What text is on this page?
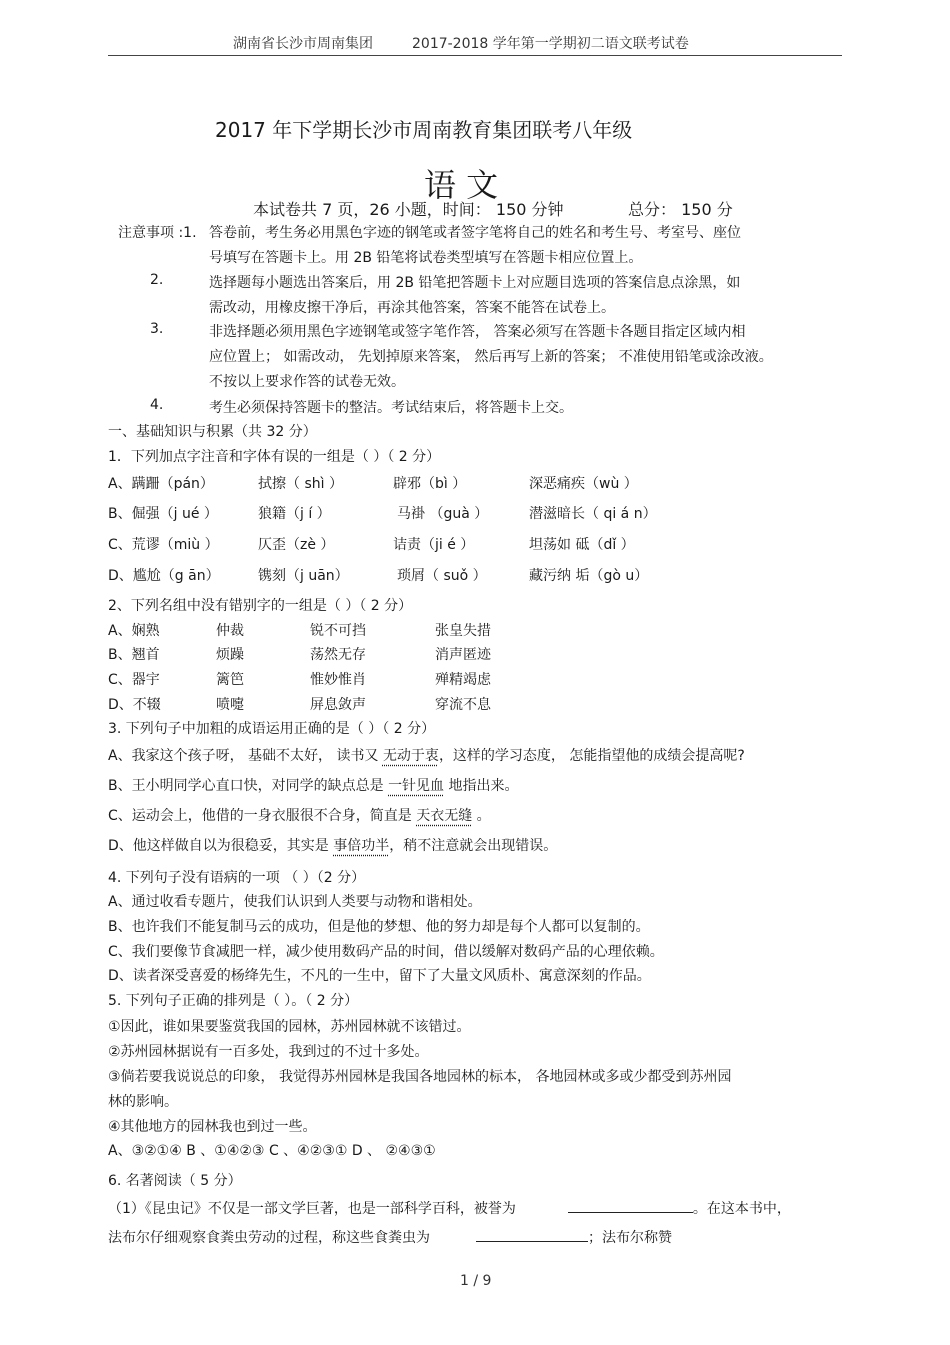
湖南省长沙市周南集团	2017-2018 学年第一学期初二语文联考试卷
2017 年下学期长沙市周南教育集团联考八年级
语 文
本试卷共 7 页，26 小题，时间： 150 分钟	总分： 150 分
注意事项 :1. 答卷前，考生务必用黑色字迹的钢笔或者签字笔将自己的姓名和考生号、考室号、座位
号填写在答题卡上。用 2B 铅笔将试卷类型填写在答题卡相应位置上。
2.	选择题每小题选出答案后，用 2B 铅笔把答题卡上对应题目选项的答案信息点涂黑，如
需改动，用橡皮擦干净后，再涂其他答案，答案不能答在试卷上。
3.	非选择题必须用黑色字迹钢笔或签字笔作答， 答案必须写在答题卡各题目指定区域内相
应位置上； 如需改动， 先划掉原来答案， 然后再写上新的答案； 不准使用铅笔或涂改液。
不按以上要求作答的试卷无效。
4.	考生必须保持答题卡的整洁。考试结束后，将答题卡上交。
一、基础知识与积累（共 32 分）
1．下列加点字注音和字体有误的一组是（ ）（ 2 分）
A、蹒跚（pán）	拭擦（ shì ）	辟邪（bì ）	深恶痛疾（wù ）
B、倔强（j ué ）	狼籍（j í ）	马褂 （guà ）	潜滋暗长（ qi á n）
C、荒谬（miù ）	仄歪（zè ）	诘责（ji é ）	坦荡如 砥（dǐ ）
D、尴尬（g ān）	镌刻（j uān）	琐屑（ suǒ ）	藏污纳 垢（gò u）
2、下列名组中没有错别字的一组是（ ）（ 2 分）
A、娴熟	仲裁	锐不可挡	张皇失措
B、翘首	烦躁	荡然无存	消声匿迹
C、器宇	篱笆	惟妙惟肖	殚精竭虑
D、不辍	喷嚏	屏息敛声	穿流不息
3. 下列句子中加粗的成语运用正确的是（ ）（ 2 分）
A、我家这个孩子呀， 基础不太好， 读书又 无动于衷，这样的学习态度， 怎能指望他的成绩会提高呢?
B、王小明同学心直口快，对同学的缺点总是 一针见血 地指出来。
C、运动会上，他借的一身衣服很不合身，简直是 天衣无缝 。
D、他这样做自以为很稳妥，其实是 事倍功半，稍不注意就会出现错误。
4. 下列句子没有语病的一项 （ ）（2 分）
A、通过收看专题片，使我们认识到人类要与动物和谐相处。
B、也许我们不能复制马云的成功，但是他的梦想、他的努力却是每个人都可以复制的。
C、我们要像节食减肥一样，减少使用数码产品的时间，借以缓解对数码产品的心理依赖。
D、读者深受喜爱的杨绛先生，不凡的一生中，留下了大量文风质朴、寓意深刻的作品。
5. 下列句子正确的排列是（ ）。（ 2 分）
①因此，谁如果要鉴赏我国的园林，苏州园林就不该错过。
②苏州园林据说有一百多处，我到过的不过十多处。
③倘若要我说说总的印象， 我觉得苏州园林是我国各地园林的标本， 各地园林或多或少都受到苏州园
林的影响。
④其他地方的园林我也到过一些。
A、③②①④ B 、①④②③ C 、④②③① D 、 ②④③①
6. 名著阅读（ 5 分）
（1）《昆虫记》不仅是一部文学巨著，也是一部科学百科，被誉为	。在这本书中，
法布尔仔细观察食粪虫劳动的过程，称这些食粪虫为	；法布尔称赞
1 / 9
